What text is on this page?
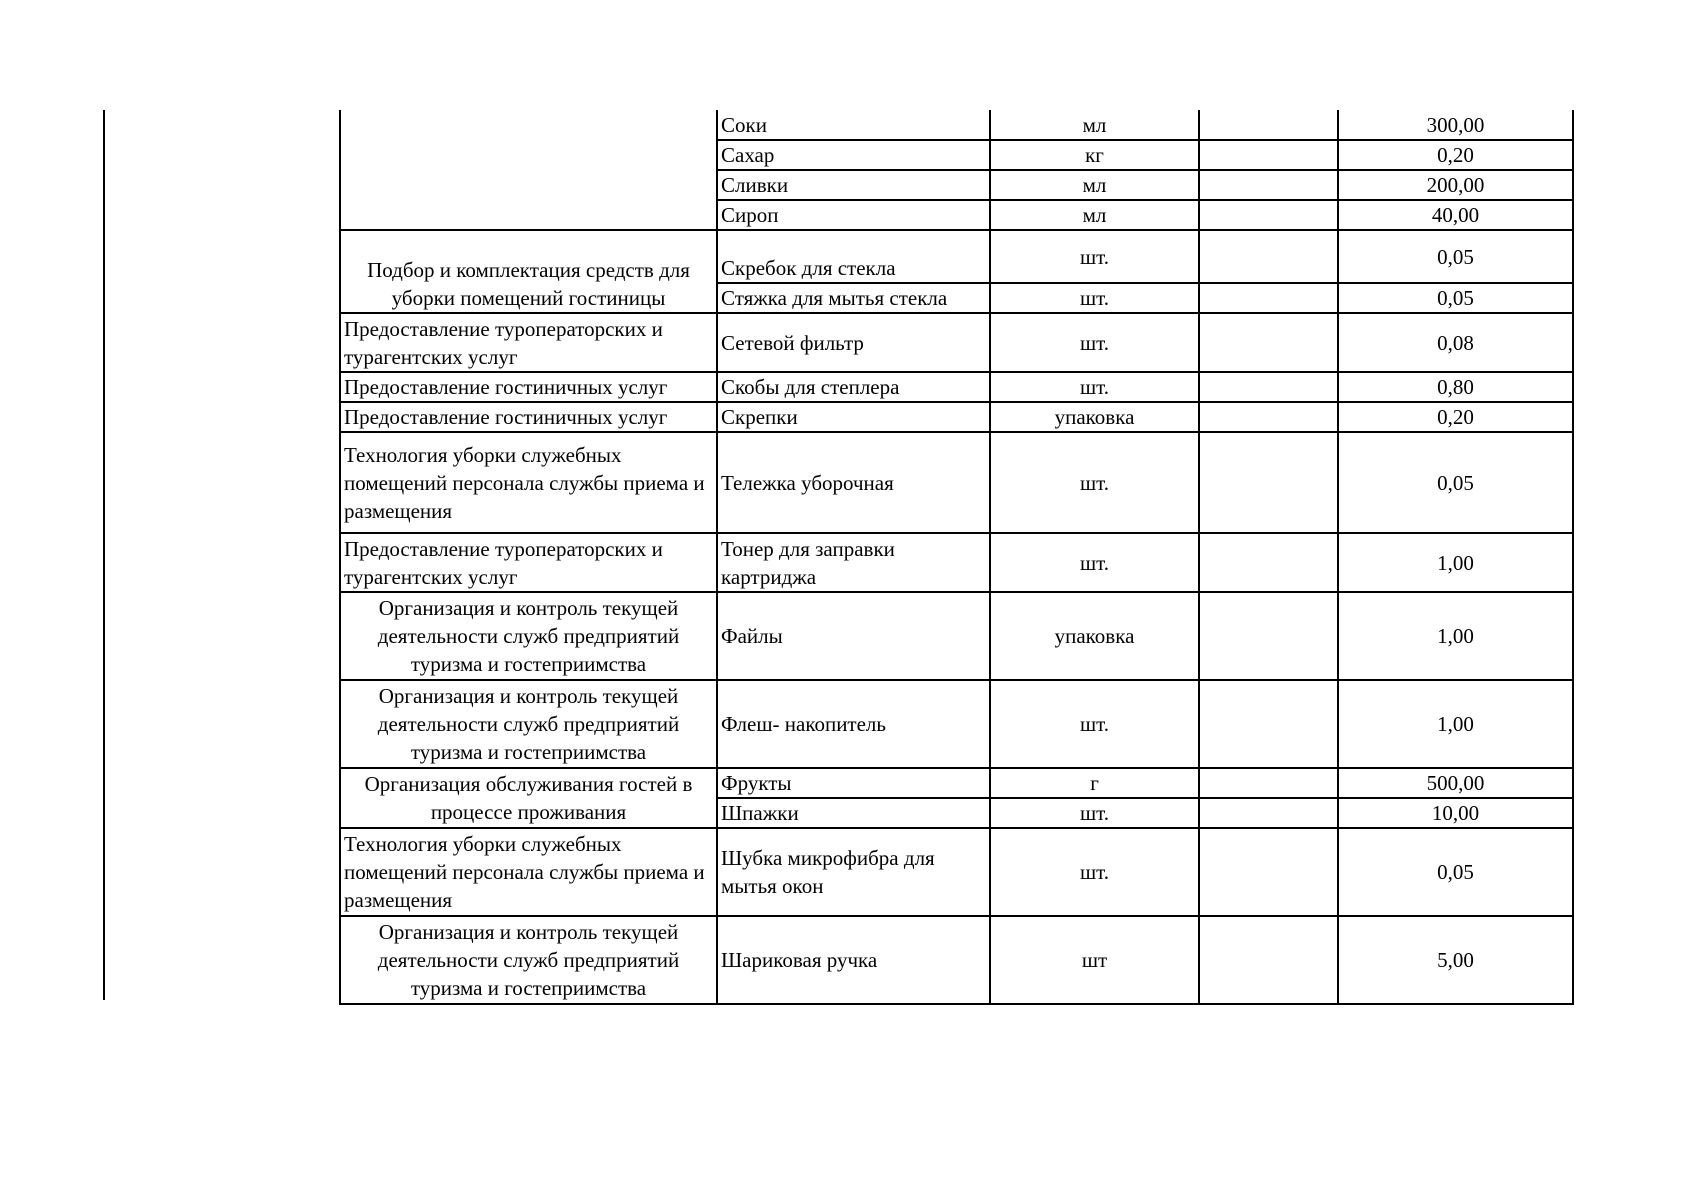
	Соки	мл		300,00
	Сахар	кг		0,20
	Сливки	мл		200,00
	Сироп	мл		40,00
Подбор и комплектация средств для уборки помещений гостиницы	Скребок для стекла	шт.		0,05
	Стяжка для мытья стекла	шт.		0,05
Предоставление туроператорских и турагентских услуг	Сетевой фильтр	шт.		0,08
Предоставление гостиничных услуг	Скобы для степлера	шт.		0,80
Предоставление гостиничных услуг	Скрепки	упаковка		0,20
Технология уборки служебных помещений персонала службы приема и размещения	Тележка уборочная	шт.		0,05
Предоставление туроператорских и турагентских услуг	Тонер для заправки картриджа	шт.		1,00
Организация и контроль текущей деятельности служб предприятий туризма и гостеприимства	Файлы	упаковка		1,00
Организация и контроль текущей деятельности служб предприятий туризма и гостеприимства	Флеш- накопитель	шт.		1,00
Организация обслуживания гостей в процессе проживания	Фрукты	г		500,00
	Шпажки	шт.		10,00
Технология уборки служебных помещений персонала службы приема и размещения	Шубка микрофибра для мытья окон	шт.		0,05
Организация и контроль текущей деятельности служб предприятий туризма и гостеприимства	Шариковая ручка	шт		5,00
